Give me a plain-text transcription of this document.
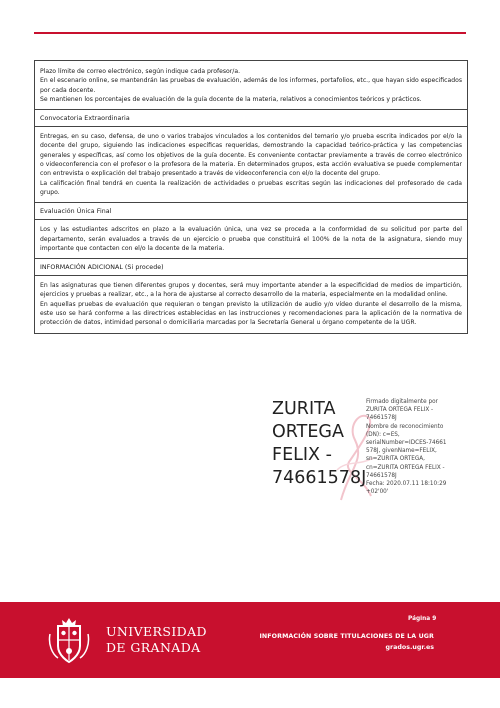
Plazo límite de correo electrónico, según indique cada profesor/a.

En el escenario online, se mantendrán las pruebas de evaluación, además de los informes, portafolios, etc., que hayan sido especificados por cada docente.

Se mantienen los porcentajes de evaluación de la guía docente de la materia, relativos a conocimientos teóricos y prácticos.

Convocatoria Extraordinaria

Entregas, en su caso, defensa, de uno o varios trabajos vinculados a los contenidos del temario y/o prueba escrita indicados por el/o la docente del grupo, siguiendo las indicaciones específicas requeridas, demostrando la capacidad teórico-práctica y las competencias generales y específicas, así como los objetivos de la guía docente. Es conveniente contactar previamente a través de correo electrónico o videoconferencia con el profesor o la profesora de la materia. En determinados grupos, esta acción evaluativa se puede complementar con entrevista o explicación del trabajo presentado a través de videoconferencia con el/o la docente del grupo.

La calificación final tendrá en cuenta la realización de actividades o pruebas escritas según las indicaciones del profesorado de cada grupo.

Evaluación Única Final

Los y las estudiantes adscritos en plazo a la evaluación única, una vez se proceda a la conformidad de su solicitud por parte del departamento, serán evaluados a través de un ejercicio o prueba que constituirá el 100% de la nota de la asignatura, siendo muy importante que contacten con el/o la docente de la materia.

INFORMACIÓN ADICIONAL (Si procede)

En las asignaturas que tienen diferentes grupos y docentes, será muy importante atender a la especificidad de medios de impartición, ejercicios y pruebas a realizar, etc., a la hora de ajustarse al correcto desarrollo de la materia, especialmente en la modalidad online.

En aquellas pruebas de evaluación que requieran o tengan previsto la utilización de audio y/o vídeo durante el desarrollo de la misma, este uso se hará conforme a las directrices establecidas en las instrucciones y recomendaciones para la aplicación de la normativa de protección de datos, intimidad personal o domiciliaria marcadas por la Secretaría General u órgano competente de la UGR.

ZURITA
ORTEGA
FELIX -
74661578J
Firmado digitalmente por
ZURITA ORTEGA FELIX -
74661578J
Nombre de reconocimiento
(DN): c=ES,
serialNumber=IDCES-74661
578J, givenName=FELIX,
sn=ZURITA ORTEGA,
cn=ZURITA ORTEGA FELIX -
74661578J
Fecha: 2020.07.11 18:10:29
+02'00'
UNIVERSIDAD
DE GRANADA
Página 9
INFORMACIÓN SOBRE TITULACIONES DE LA UGR
grados.ugr.es
